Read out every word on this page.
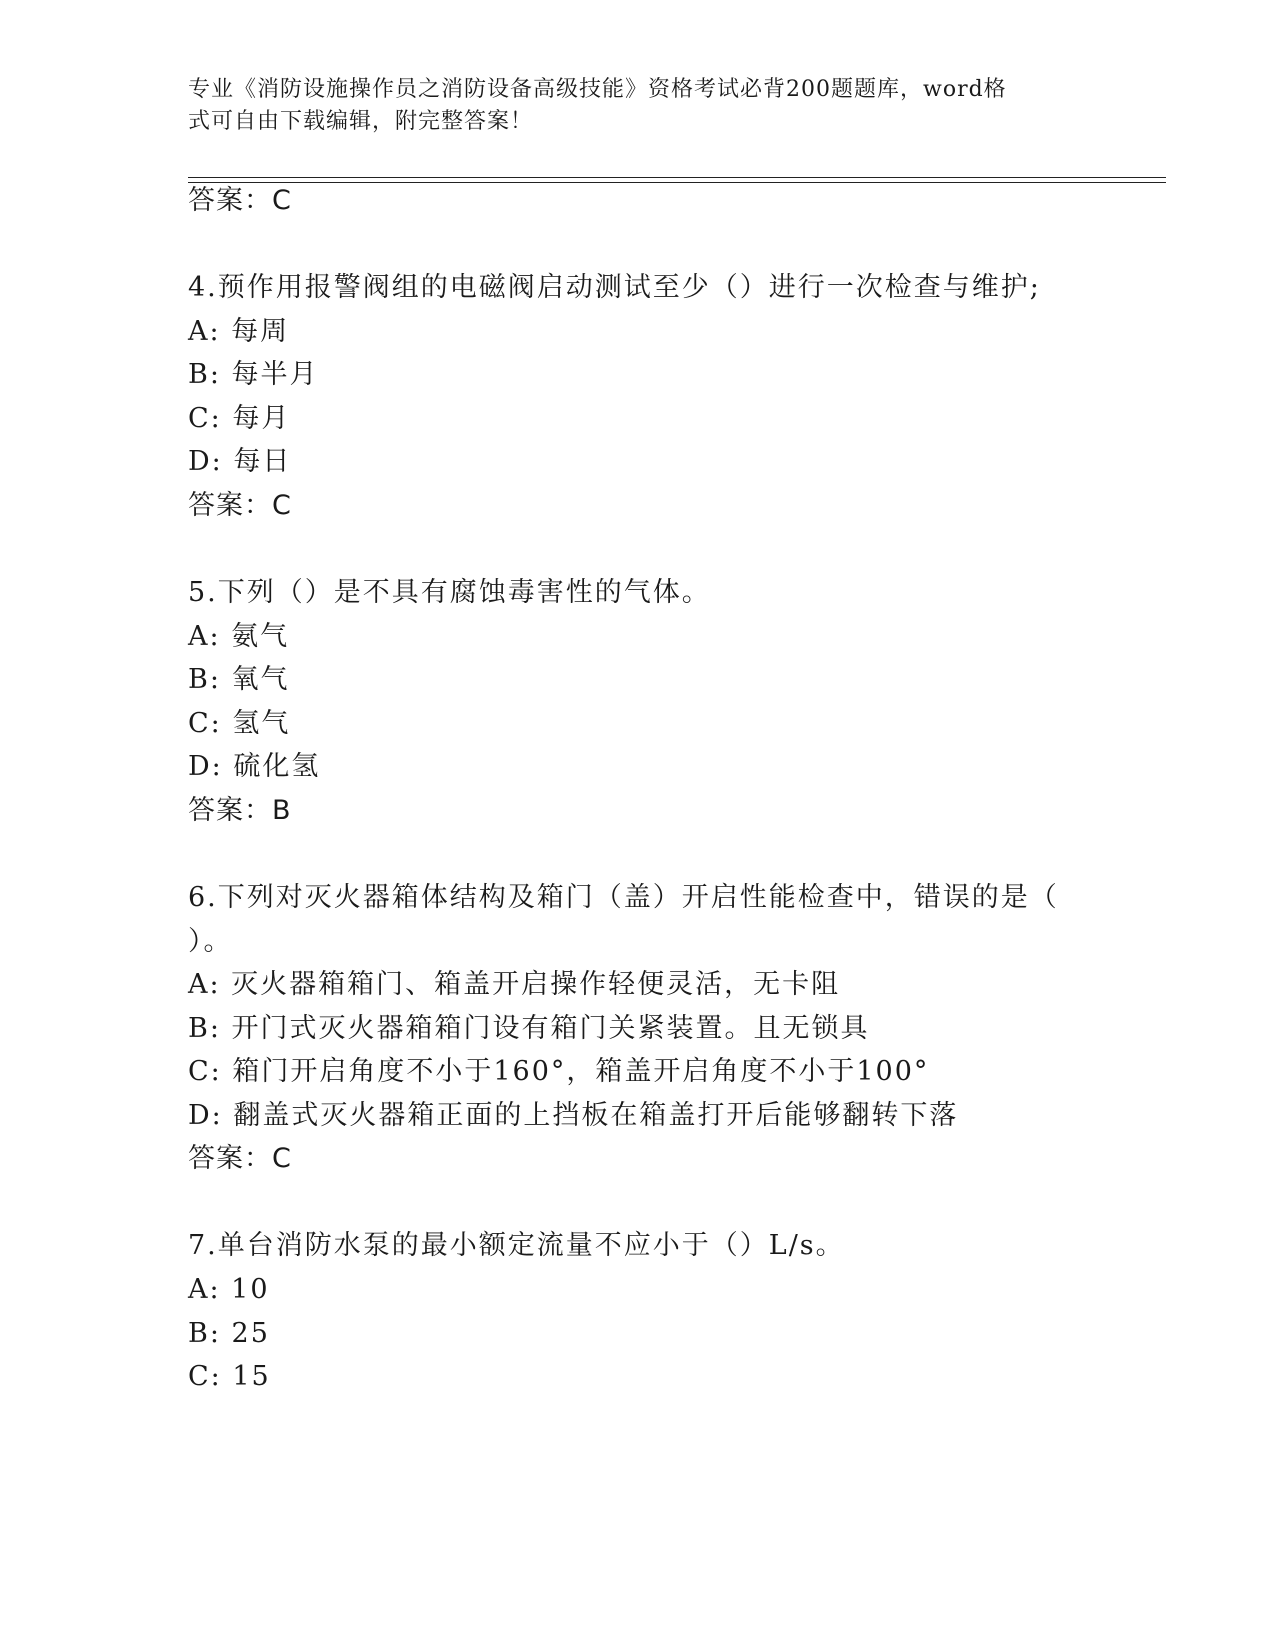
专业《消防设施操作员之消防设备高级技能》资格考试必背200题题库，word格
式可自由下载编辑，附完整答案！
答案：C
4.预作用报警阀组的电磁阀启动测试至少（）进行一次检查与维护;
A: 每周
B: 每半月
C: 每月
D: 每日
答案：C
5.下列（）是不具有腐蚀毒害性的气体。
A: 氨气
B: 氧气
C: 氢气
D: 硫化氢
答案：B
6.下列对灭火器箱体结构及箱门（盖）开启性能检查中，错误的是（
）。
A: 灭火器箱箱门、箱盖开启操作轻便灵活，无卡阻
B: 开门式灭火器箱箱门设有箱门关紧装置。且无锁具
C: 箱门开启角度不小于160°，箱盖开启角度不小于100°
D: 翻盖式灭火器箱正面的上挡板在箱盖打开后能够翻转下落
答案：C
7.单台消防水泵的最小额定流量不应小于（）L/s。
A: 10
B: 25
C: 15
